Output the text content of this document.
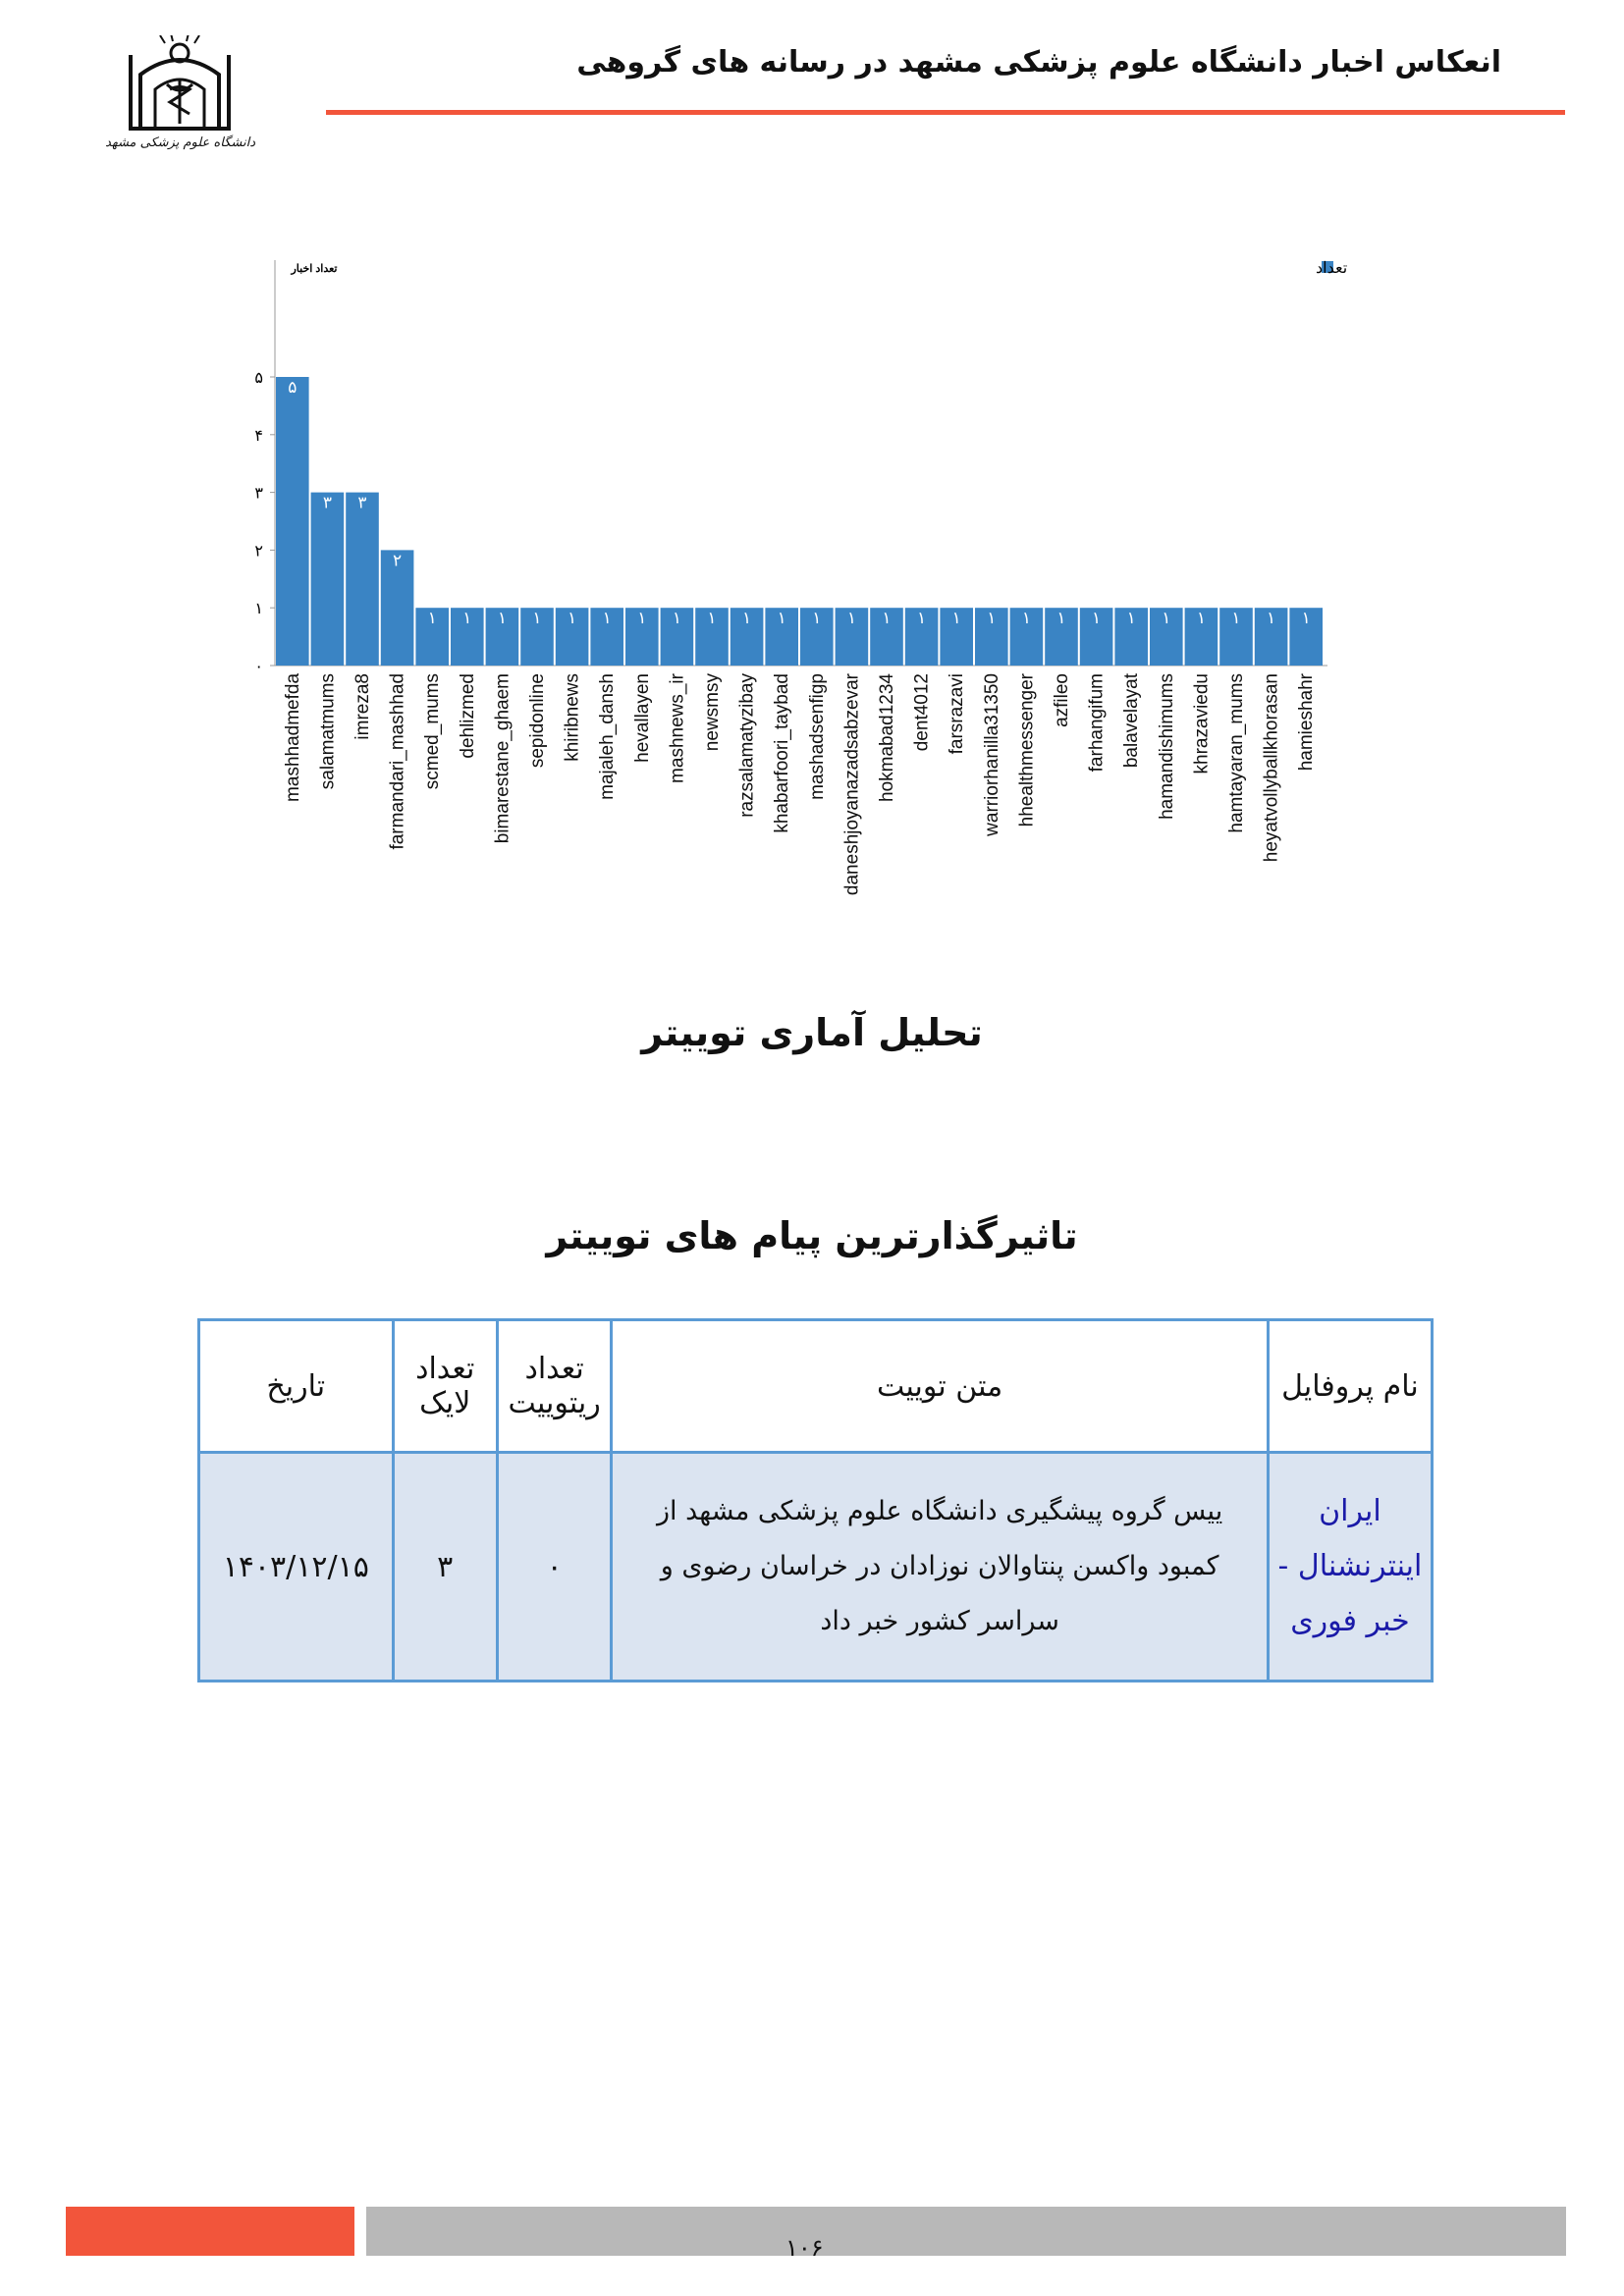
دانشگاه علوم پزشکی مشهد
انعکاس اخبار دانشگاه علوم پزشکی مشهد در رسانه های گروهی
تعداد اخبار
۰
۱
۲
۳
۴
۵ ۵
mashhadmefda
۳
salamatmums
۳
imreza8
۲
farmandari_mashhad
۱
scmed_mums
۱
dehlizmed
۱
bimarestane_ghaem
۱
sepidonline
۱
khiribnews
۱
majaleh_dansh
۱
hevallayen
۱
mashnews_ir
۱
newsmsy
۱
razsalamatyzibay
۱
khabarfoori_taybad
۱
mashadsenfigp
۱
daneshjoyanazadsabzevar
۱
hokmabad1234
۱
dent4012
۱
farsrazavi
۱
warriorhanilla31350
۱
hhealthmessenger
۱
azfileo
۱
farhangifum
۱
balavelayat
۱
hamandishimums
۱
khrazaviedu
۱
hamtayaran_mums
۱
heyatvollyballkhorasan
۱
hamieshahr
تعداد
تحلیل آماری توییتر
تاثیرگذارترین پیام های توییتر
نام پروفایل	متن توییت	تعداد ریتوییت	تعداد لایک	تاریخ
ایران اینترنشنال - خبر فوری	ییس گروه پیشگیری دانشگاه علوم پزشکی مشهد از کمبود واکسن پنتاوالان نوزادان در خراسان رضوی و سراسر کشور خبر داد	۰	۳	۱۴۰۳/۱۲/۱۵
۱۰۶
